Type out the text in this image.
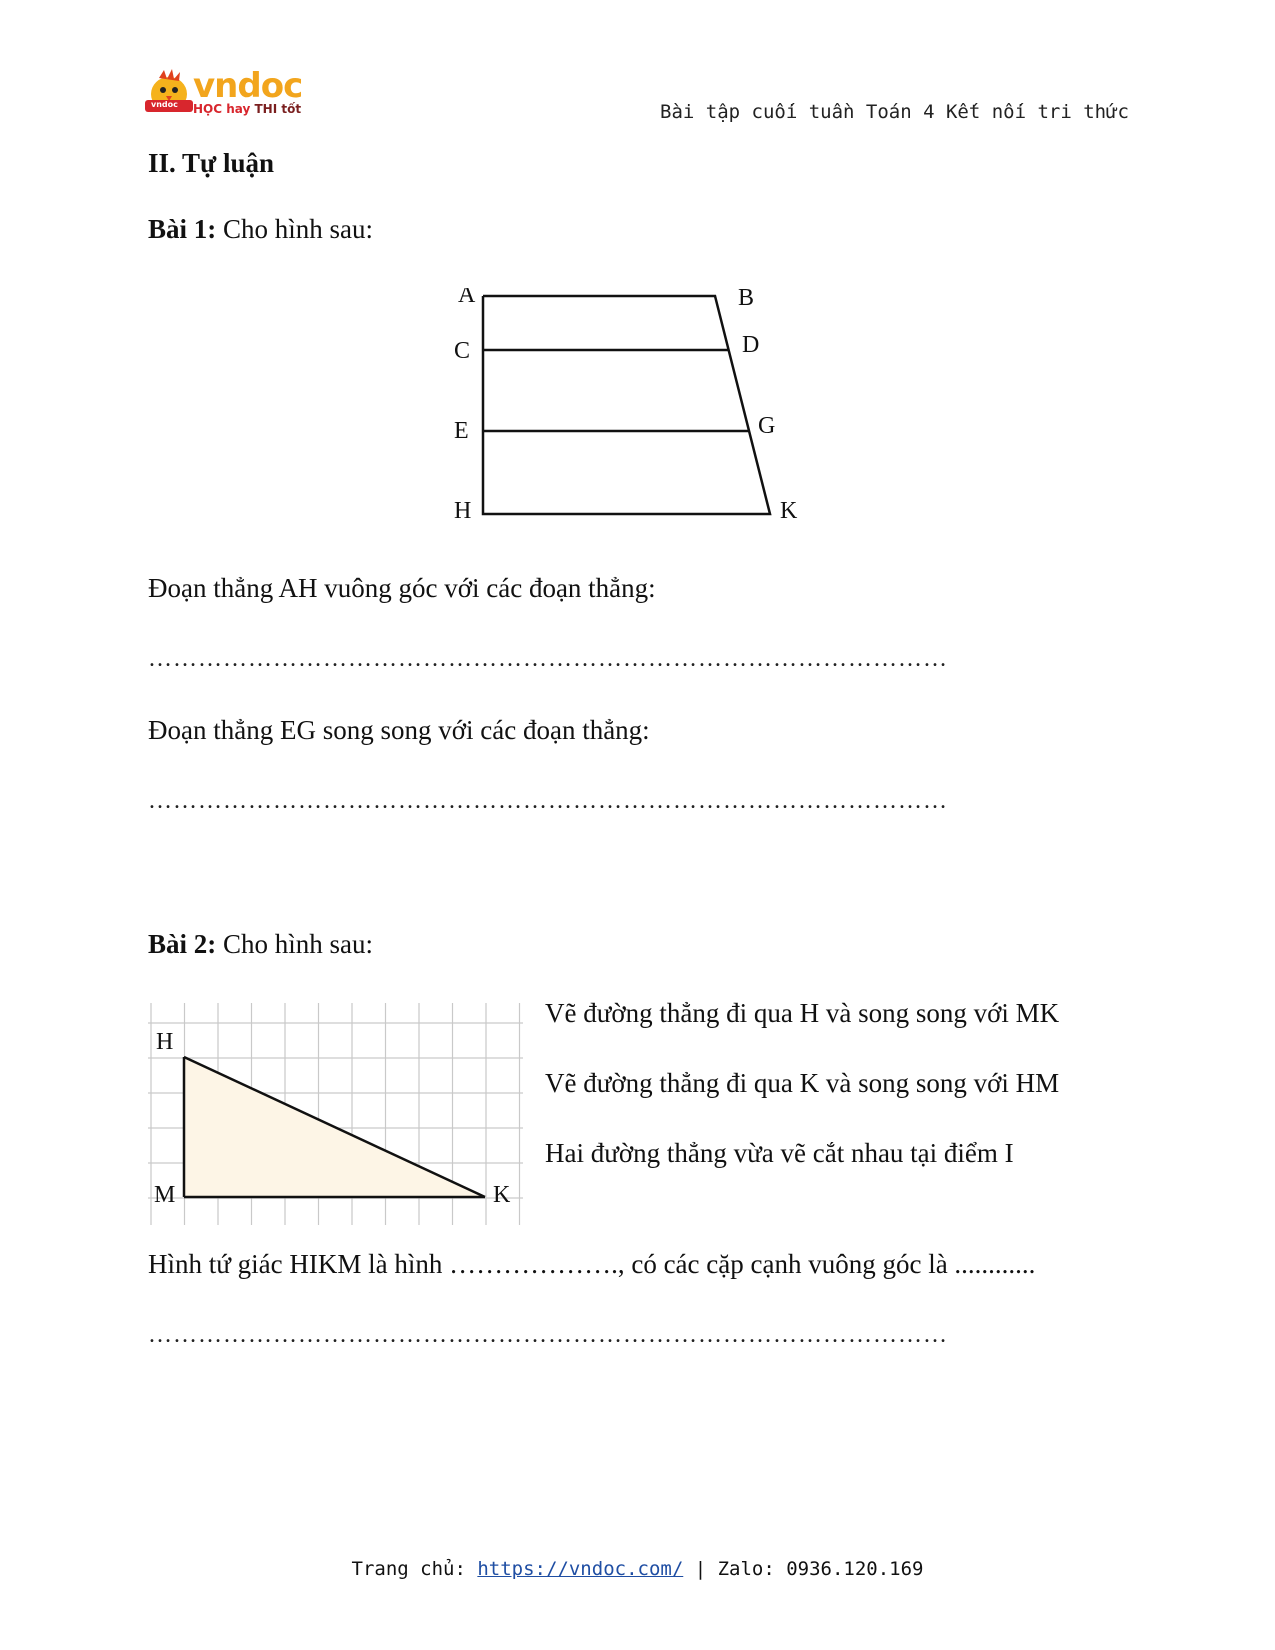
vndoc vndoc
HỌC hay THI tốt	Bài tập cuối tuần Toán 4 Kết nối tri thức
II. Tự luận
Bài 1: Cho hình sau:
A	B
C	D
E	G
H	K
Đoạn thẳng AH vuông góc với các đoạn thẳng:
……………………………………………………………………………………
Đoạn thẳng EG song song với các đoạn thẳng:
……………………………………………………………………………………
Bài 2: Cho hình sau:
H
M	K
Vẽ đường thẳng đi qua H và song song với MK
Vẽ đường thẳng đi qua K và song song với HM
Hai đường thẳng vừa vẽ cắt nhau tại điểm I
Hình tứ giác HIKM là hình ………………., có các cặp cạnh vuông góc là ............
……………………………………………………………………………………
Trang chủ: https://vndoc.com/ | Zalo: 0936.120.169
